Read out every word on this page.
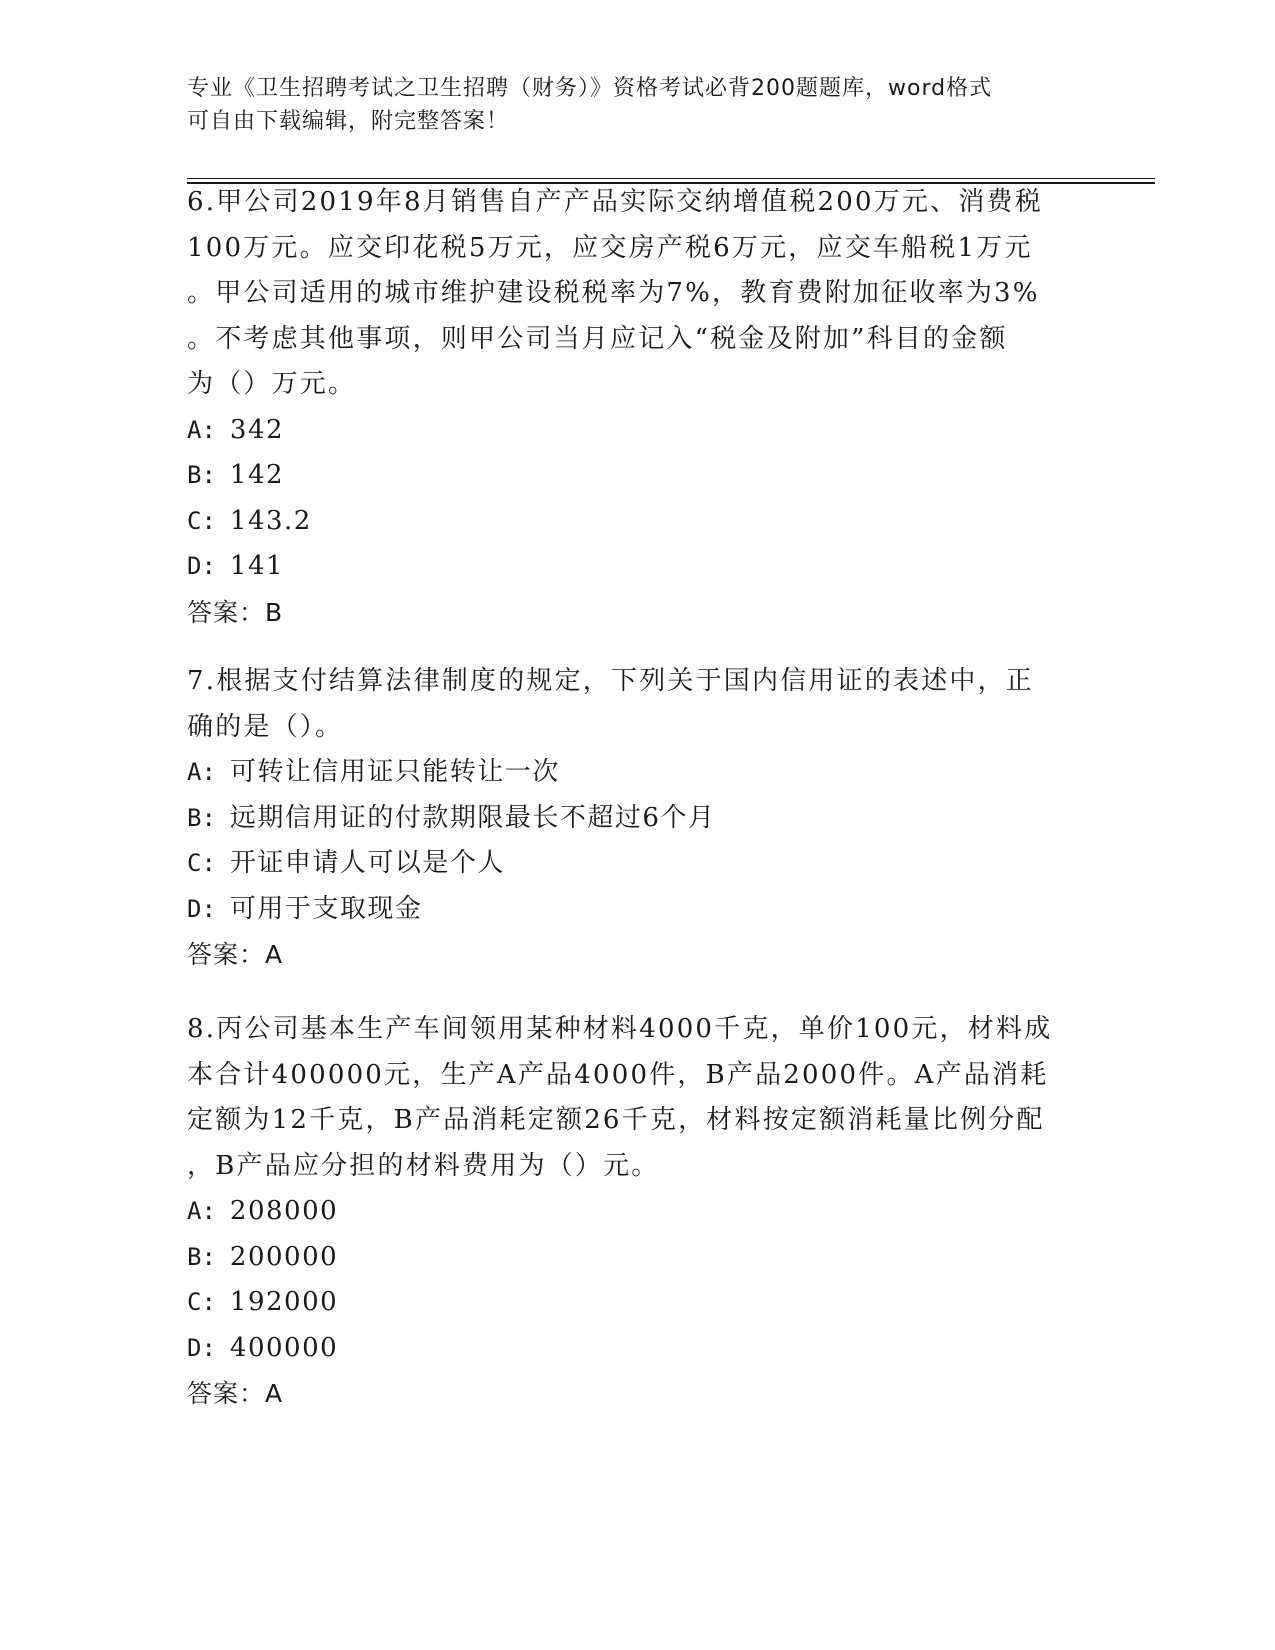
专业《卫生招聘考试之卫生招聘（财务）》资格考试必背200题题库，word格式
可自由下载编辑，附完整答案！

6.甲公司2019年8月销售自产产品实际交纳增值税200万元、消费税
100万元。应交印花税5万元，应交房产税6万元，应交车船税1万元
。甲公司适用的城市维护建设税税率为7%，教育费附加征收率为3%
。不考虑其他事项，则甲公司当月应记入“税金及附加”科目的金额
为（）万元。

A: 342
B: 142
C: 143.2
D: 141
答案：B

7.根据支付结算法律制度的规定，下列关于国内信用证的表述中，正
确的是（）。

A: 可转让信用证只能转让一次
B: 远期信用证的付款期限最长不超过6个月
C: 开证申请人可以是个人
D: 可用于支取现金
答案：A

8.丙公司基本生产车间领用某种材料4000千克，单价100元，材料成
本合计400000元，生产A产品4000件，B产品2000件。A产品消耗
定额为12千克，B产品消耗定额26千克，材料按定额消耗量比例分配
，B产品应分担的材料费用为（）元。

A: 208000
B: 200000
C: 192000
D: 400000
答案：A
